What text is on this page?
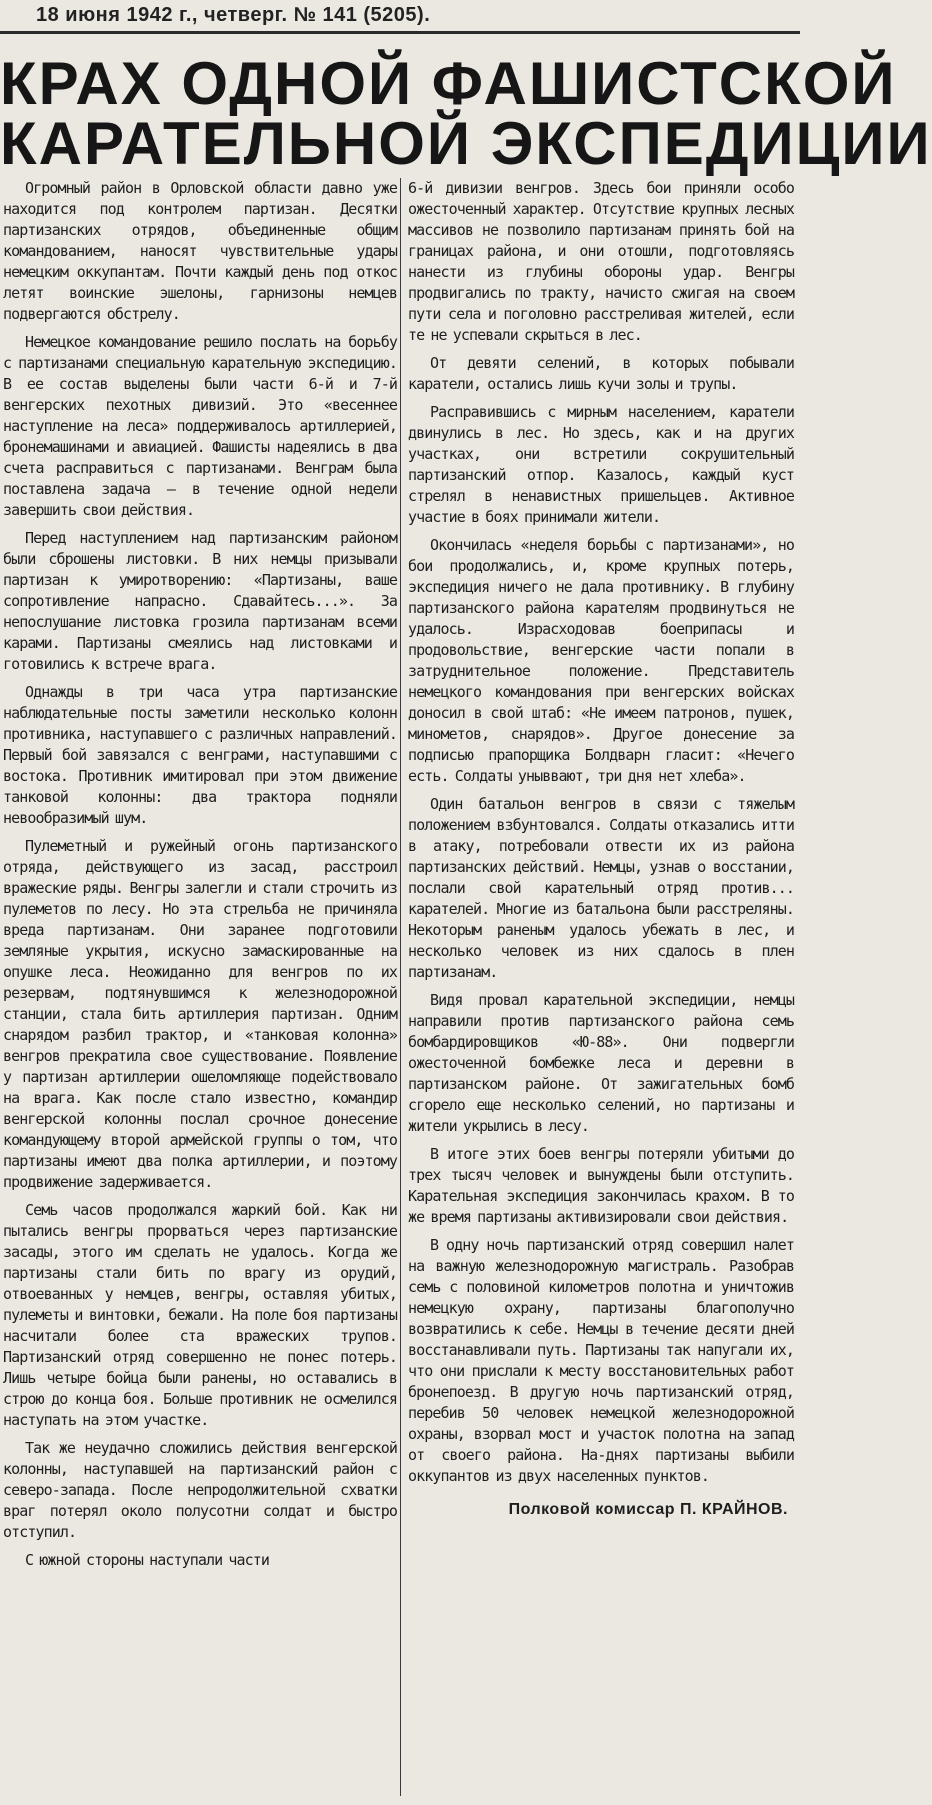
18 июня 1942 г., четверг. № 141 (5205).
КРАХ ОДНОЙ ФАШИСТСКОЙ
КАРАТЕЛЬНОЙ ЭКСПЕДИЦИИ

Огромный район в Орловской области давно уже находится под контролем партизан. Десятки партизанских отрядов, объединенные общим командованием, наносят чувствительные удары немецким оккупантам. Почти каждый день под откос летят воинские эшелоны, гарнизоны немцев подвергаются обстрелу.

Немецкое командование решило послать на борьбу с партизанами специальную карательную экспедицию. В ее состав выделены были части 6-й и 7-й венгерских пехотных дивизий. Это «весеннее наступление на леса» поддерживалось артиллерией, бронемашинами и авиацией. Фашисты надеялись в два счета расправиться с партизанами. Венграм была поставлена задача — в течение одной недели завершить свои действия.

Перед наступлением над партизанским районом были сброшены листовки. В них немцы призывали партизан к умиротворению: «Партизаны, ваше сопротивление напрасно. Сдавайтесь...». За непослушание листовка грозила партизанам всеми карами. Партизаны смеялись над листовками и готовились к встрече врага.

Однажды в три часа утра партизанские наблюдательные посты заметили несколько колонн противника, наступавшего с различных направлений. Первый бой завязался с венграми, наступавшими с востока. Противник имитировал при этом движение танковой колонны: два трактора подняли невообразимый шум.

Пулеметный и ружейный огонь партизанского отряда, действующего из засад, расстроил вражеские ряды. Венгры залегли и стали строчить из пулеметов по лесу. Но эта стрельба не причиняла вреда партизанам. Они заранее подготовили земляные укрытия, искусно замаскированные на опушке леса. Неожиданно для венгров по их резервам, подтянувшимся к железнодорожной станции, стала бить артиллерия партизан. Одним снарядом разбил трактор, и «танковая колонна» венгров прекратила свое существование. Появление у партизан артиллерии ошеломляюще подействовало на врага. Как после стало известно, командир венгерской колонны послал срочное донесение командующему второй армейской группы о том, что партизаны имеют два полка артиллерии, и поэтому продвижение задерживается.

Семь часов продолжался жаркий бой. Как ни пытались венгры прорваться через партизанские засады, этого им сделать не удалось. Когда же партизаны стали бить по врагу из орудий, отвоеванных у немцев, венгры, оставляя убитых, пулеметы и винтовки, бежали. На поле боя партизаны насчитали более ста вражеских трупов. Партизанский отряд совершенно не понес потерь. Лишь четыре бойца были ранены, но оставались в строю до конца боя. Больше противник не осмелился наступать на этом участке.

Так же неудачно сложились действия венгерской колонны, наступавшей на партизанский район с северо-запада. После непродолжительной схватки враг потерял около полусотни солдат и быстро отступил.

С южной стороны наступали части

6-й дивизии венгров. Здесь бои приняли особо ожесточенный характер. Отсутствие крупных лесных массивов не позволило партизанам принять бой на границах района, и они отошли, подготовляясь нанести из глубины обороны удар. Венгры продвигались по тракту, начисто сжигая на своем пути села и поголовно расстреливая жителей, если те не успевали скрыться в лес.

От девяти селений, в которых побывали каратели, остались лишь кучи золы и трупы.

Расправившись с мирным населением, каратели двинулись в лес. Но здесь, как и на других участках, они встретили сокрушительный партизанский отпор. Казалось, каждый куст стрелял в ненавистных пришельцев. Активное участие в боях принимали жители.

Окончилась «неделя борьбы с партизанами», но бои продолжались, и, кроме крупных потерь, экспедиция ничего не дала противнику. В глубину партизанского района карателям продвинуться не удалось. Израсходовав боеприпасы и продовольствие, венгерские части попали в затруднительное положение. Представитель немецкого командования при венгерских войсках доносил в свой штаб: «Не имеем патронов, пушек, минометов, снарядов». Другое донесение за подписью прапорщика Болдварн гласит: «Нечего есть. Солдаты уныввают, три дня нет хлеба».

Один батальон венгров в связи с тяжелым положением взбунтовался. Солдаты отказались итти в атаку, потребовали отвести их из района партизанских действий. Немцы, узнав о восстании, послали свой карательный отряд против... карателей. Многие из батальона были расстреляны. Некоторым раненым удалось убежать в лес, и несколько человек из них сдалось в плен партизанам.

Видя провал карательной экспедиции, немцы направили против партизанского района семь бомбардировщиков «Ю-88». Они подвергли ожесточенной бомбежке леса и деревни в партизанском районе. От зажигательных бомб сгорело еще несколько селений, но партизаны и жители укрылись в лесу.

В итоге этих боев венгры потеряли убитыми до трех тысяч человек и вынуждены были отступить. Карательная экспедиция закончилась крахом. В то же время партизаны активизировали свои действия.

В одну ночь партизанский отряд совершил налет на важную железнодорожную магистраль. Разобрав семь с половиной километров полотна и уничтожив немецкую охрану, партизаны благополучно возвратились к себе. Немцы в течение десяти дней восстанавливали путь. Партизаны так напугали их, что они прислали к месту восстановительных работ бронепоезд. В другую ночь партизанский отряд, перебив 50 человек немецкой железнодорожной охраны, взорвал мост и участок полотна на запад от своего района. На-днях партизаны выбили оккупантов из двух населенных пунктов.

Полковой комиссар П. КРАЙНОВ.
